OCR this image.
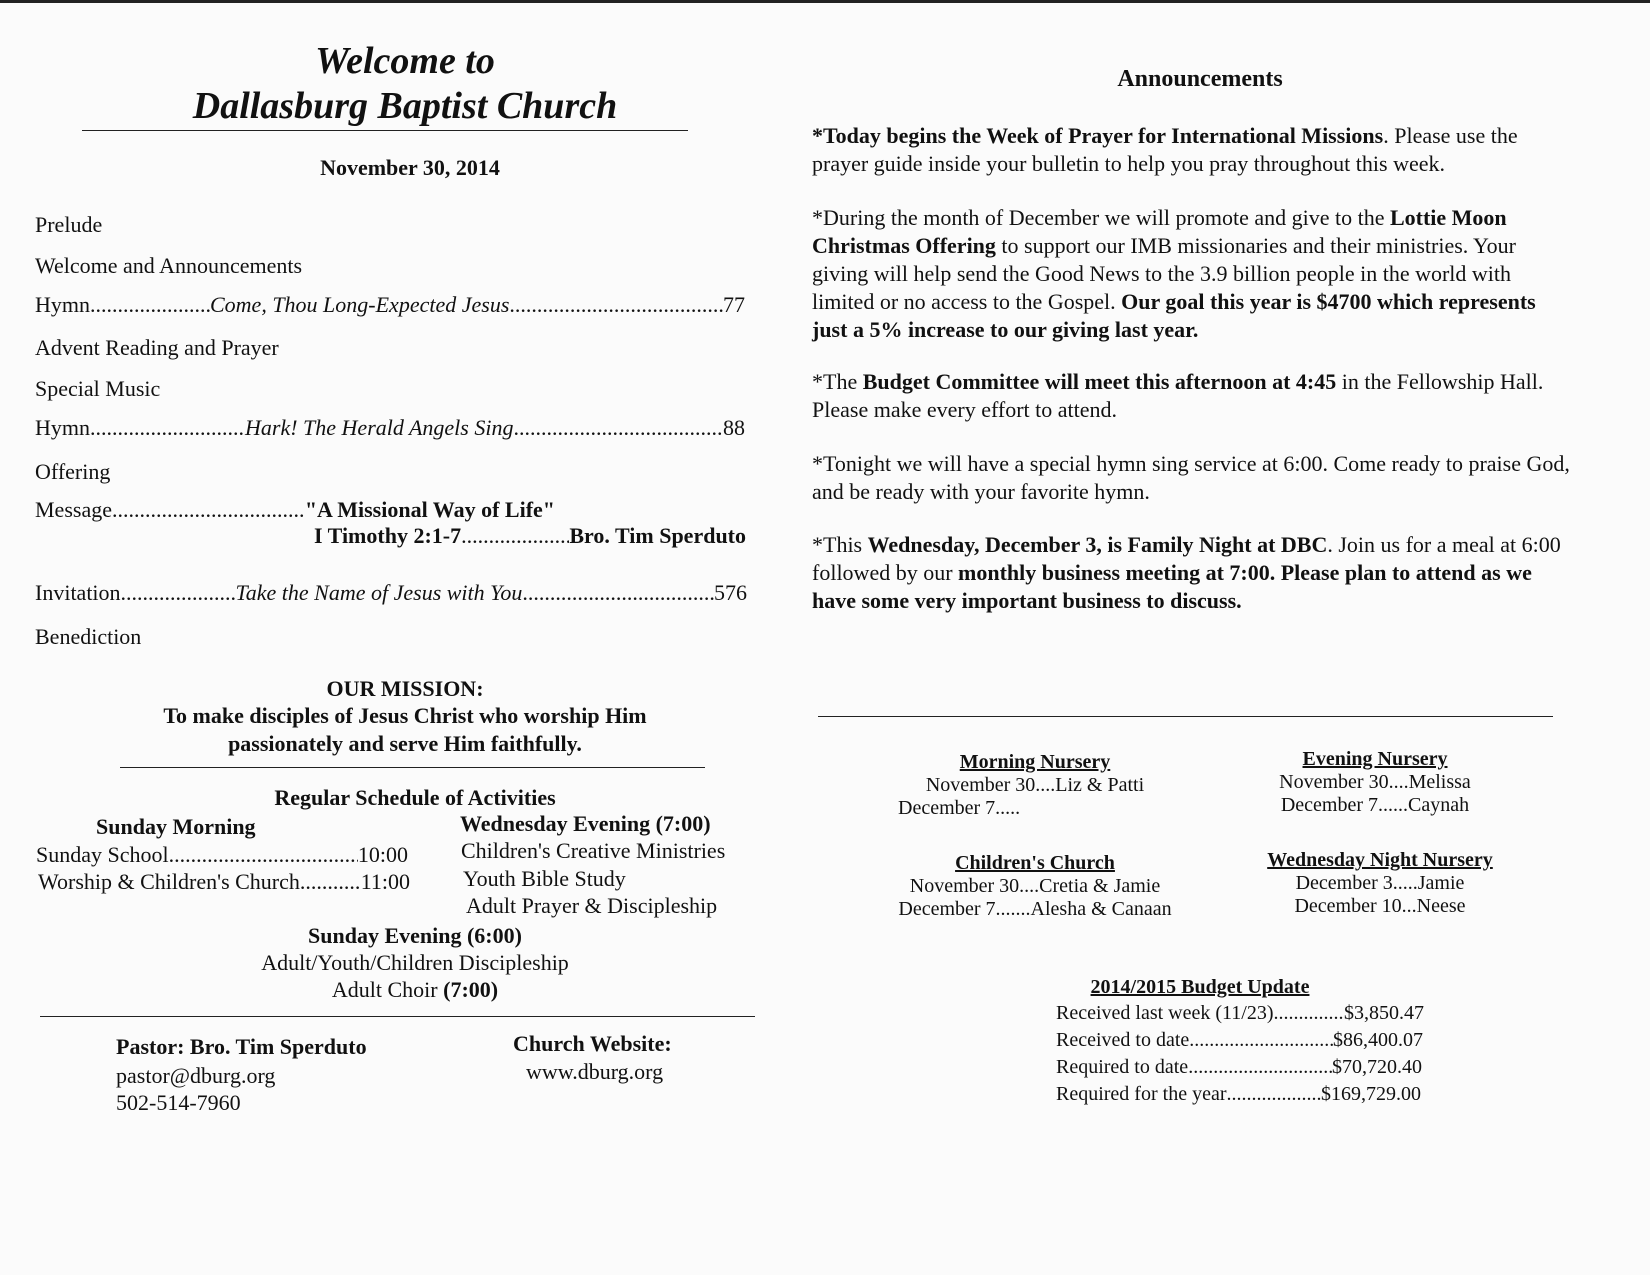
Welcome to
Dallasburg Baptist Church
November 30, 2014
Prelude
Welcome and Announcements
Hymn .....	Come, Thou Long-Expected Jesus .....	77
Advent Reading and Prayer
Special Music
Hymn .....	Hark! The Herald Angels Sing .....	88
Offering
Message .....	"A Missional Way of Life"
I Timothy 2:1-7 .....	Bro. Tim Sperduto
Invitation .....	Take the Name of Jesus with You .....	576
Benediction
OUR MISSION:
To make disciples of Jesus Christ who worship Him
passionately and serve Him faithfully.
Regular Schedule of Activities
Sunday Morning
Sunday School .....	10:00
Worship & Children's Church .....	11:00
Wednesday Evening (7:00)
Children's Creative Ministries
Youth Bible Study
Adult Prayer & Discipleship
Sunday Evening (6:00)
Adult/Youth/Children Discipleship
Adult Choir (7:00)
Pastor: Bro. Tim Sperduto
pastor@dburg.org
502-514-7960
Church Website:
www.dburg.org
Announcements
*Today begins the Week of Prayer for International Missions. Please use the prayer guide inside your bulletin to help you pray throughout this week.
*During the month of December we will promote and give to the Lottie Moon Christmas Offering to support our IMB missionaries and their ministries. Your giving will help send the Good News to the 3.9 billion people in the world with limited or no access to the Gospel. Our goal this year is $4700 which represents just a 5% increase to our giving last year.
*The Budget Committee will meet this afternoon at 4:45 in the Fellowship Hall. Please make every effort to attend.
*Tonight we will have a special hymn sing service at 6:00. Come ready to praise God, and be ready with your favorite hymn.
*This Wednesday, December 3, is Family Night at DBC. Join us for a meal at 6:00 followed by our monthly business meeting at 7:00. Please plan to attend as we have some very important business to discuss.
Morning Nursery
November 30....Liz & Patti
December 7.....
Evening Nursery
November 30....Melissa
December 7......Caynah
Children's Church
November 30....Cretia & Jamie
December 7.......Alesha & Canaan
Wednesday Night Nursery
December 3.....Jamie
December 10...Neese
2014/2015 Budget Update
Received last week (11/23) .....	$3,850.47
Received to date .....	$86,400.07
Required to date .....	$70,720.40
Required for the year .....	$169,729.00
